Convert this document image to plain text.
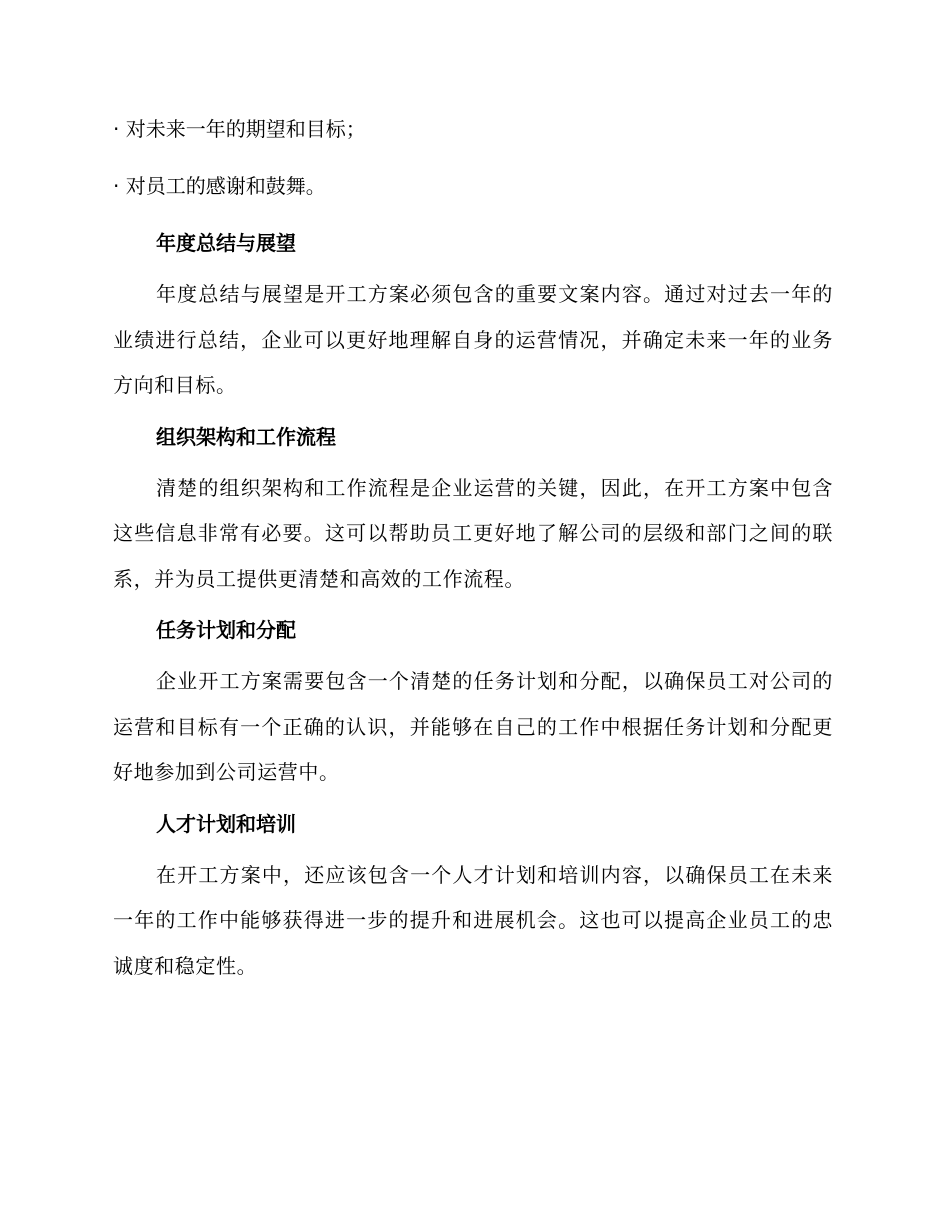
· 对未来一年的期望和目标；

· 对员工的感谢和鼓舞。

年度总结与展望

年度总结与展望是开工方案必须包含的重要文案内容。通过对过去一年的业绩进行总结，企业可以更好地理解自身的运营情况，并确定未来一年的业务方向和目标。

组织架构和工作流程

清楚的组织架构和工作流程是企业运营的关键，因此，在开工方案中包含这些信息非常有必要。这可以帮助员工更好地了解公司的层级和部门之间的联系，并为员工提供更清楚和高效的工作流程。

任务计划和分配

企业开工方案需要包含一个清楚的任务计划和分配，以确保员工对公司的运营和目标有一个正确的认识，并能够在自己的工作中根据任务计划和分配更好地参加到公司运营中。

人才计划和培训

在开工方案中，还应该包含一个人才计划和培训内容，以确保员工在未来一年的工作中能够获得进一步的提升和进展机会。这也可以提高企业员工的忠诚度和稳定性。
